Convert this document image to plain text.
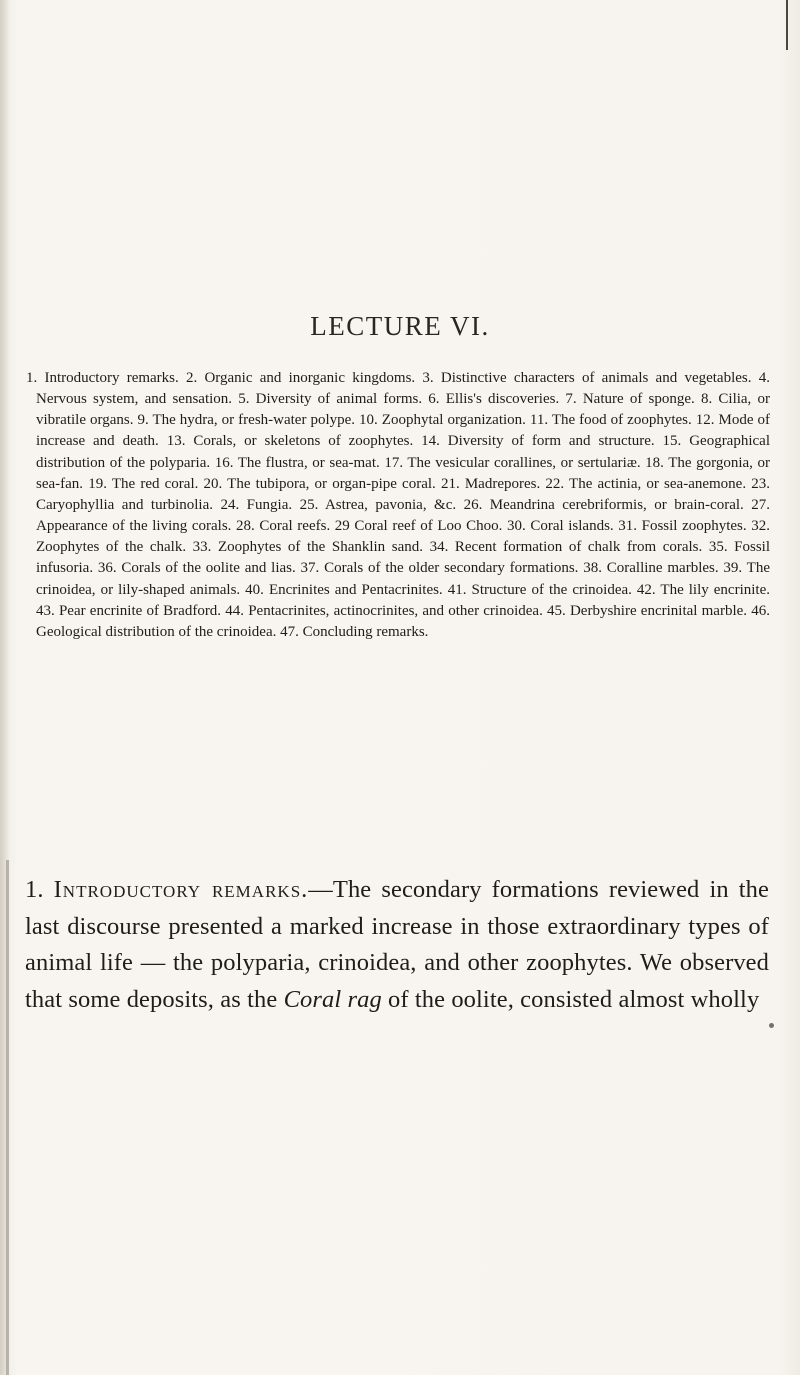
LECTURE VI.
1. Introductory remarks. 2. Organic and inorganic kingdoms. 3. Distinctive characters of animals and vegetables. 4. Nervous system, and sensation. 5. Diversity of animal forms. 6. Ellis's discoveries. 7. Nature of sponge. 8. Cilia, or vibratile organs. 9. The hydra, or fresh-water polype. 10. Zoophytal organization. 11. The food of zoophytes. 12. Mode of increase and death. 13. Corals, or skeletons of zoophytes. 14. Diversity of form and structure. 15. Geographical distribution of the polyparia. 16. The flustra, or sea-mat. 17. The vesicular corallines, or sertulariæ. 18. The gorgonia, or sea-fan. 19. The red coral. 20. The tubipora, or organ-pipe coral. 21. Madrepores. 22. The actinia, or sea-anemone. 23. Caryophyllia and turbinolia. 24. Fungia. 25. Astrea, pavonia, &c. 26. Meandrina cerebriformis, or brain-coral. 27. Appearance of the living corals. 28. Coral reefs. 29 Coral reef of Loo Choo. 30. Coral islands. 31. Fossil zoophytes. 32. Zoophytes of the chalk. 33. Zoophytes of the Shanklin sand. 34. Recent formation of chalk from corals. 35. Fossil infusoria. 36. Corals of the oolite and lias. 37. Corals of the older secondary formations. 38. Coralline marbles. 39. The crinoidea, or lily-shaped animals. 40. Encrinites and Pentacrinites. 41. Structure of the crinoidea. 42. The lily encrinite. 43. Pear encrinite of Bradford. 44. Pentacrinites, actinocrinites, and other crinoidea. 45. Derbyshire encrinital marble. 46. Geological distribution of the crinoidea. 47. Concluding remarks.
1. Introductory remarks.—The secondary formations reviewed in the last discourse presented a marked increase in those extraordinary types of animal life — the polyparia, crinoidea, and other zoophytes. We observed that some deposits, as the Coral rag of the oolite, consisted almost wholly
